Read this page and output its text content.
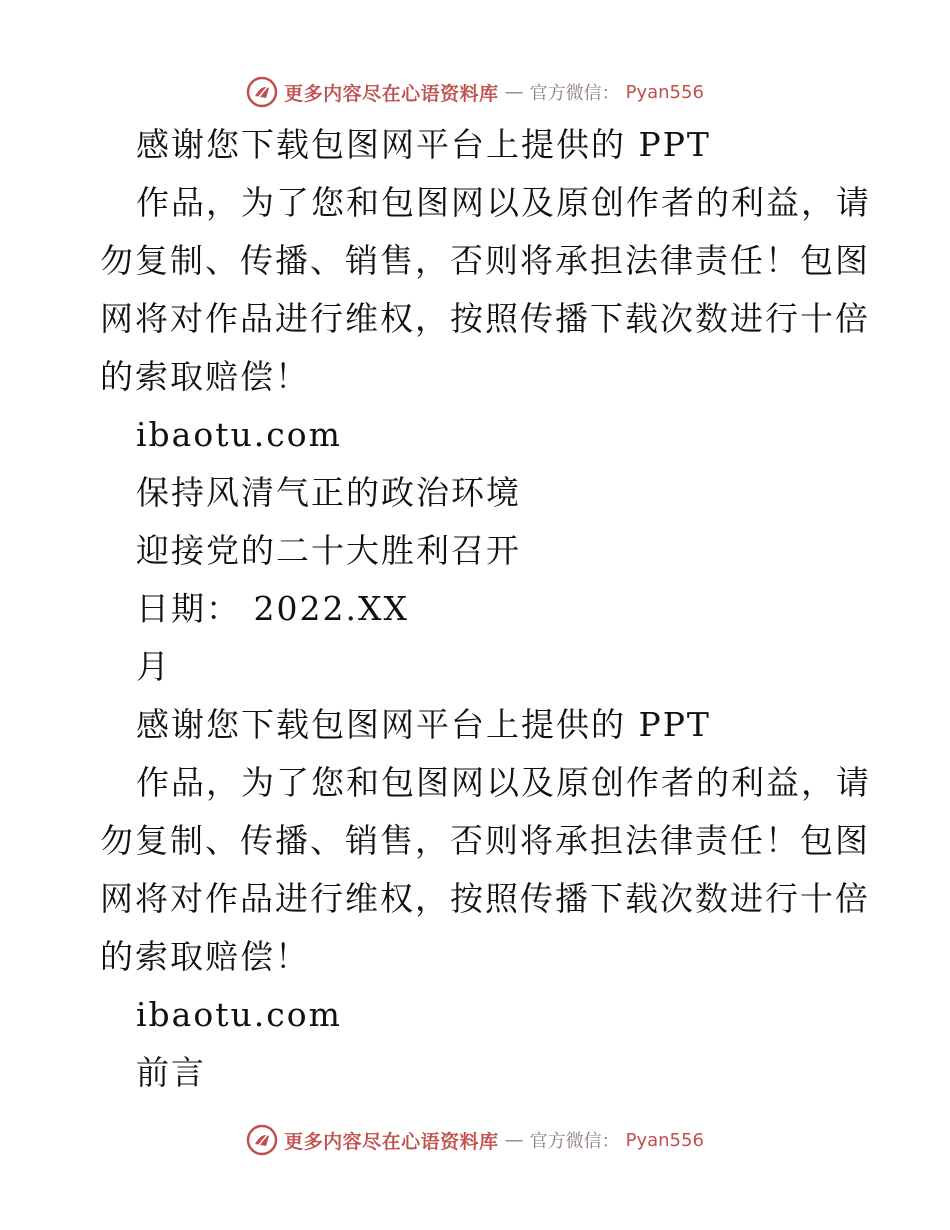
更多内容尽在心语资料库 — 官方微信： Pyan556
感谢您下载包图网平台上提供的 PPT
作品，为了您和包图网以及原创作者的利益，请
勿复制、传播、销售，否则将承担法律责任！包图
网将对作品进行维权，按照传播下载次数进行十倍
的索取赔偿！
ibaotu.com
保持风清气正的政治环境
迎接党的二十大胜利召开
日期： 2022.XX
月
感谢您下载包图网平台上提供的 PPT
作品，为了您和包图网以及原创作者的利益，请
勿复制、传播、销售，否则将承担法律责任！包图
网将对作品进行维权，按照传播下载次数进行十倍
的索取赔偿！
ibaotu.com
前言
更多内容尽在心语资料库 — 官方微信： Pyan556
